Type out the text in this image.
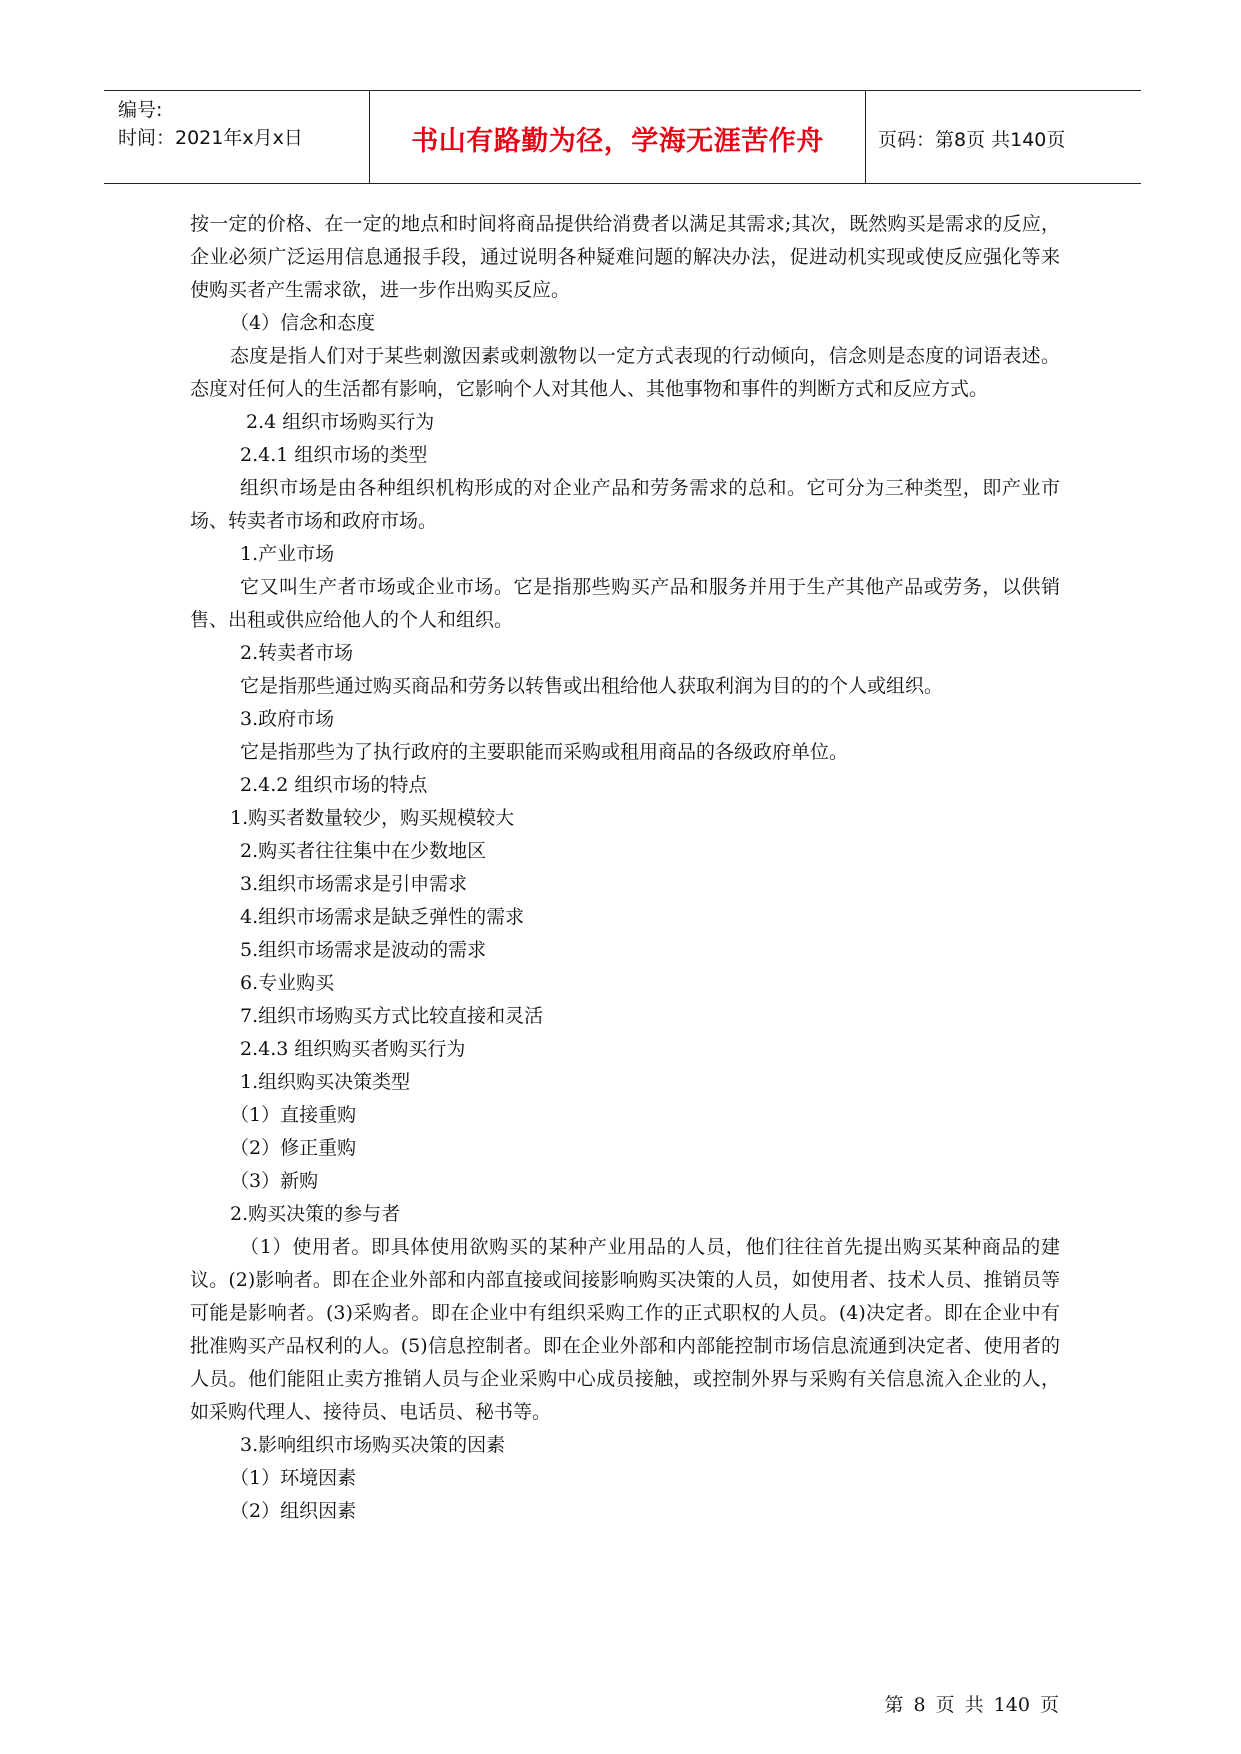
编号:
时间：2021年x月x日	书山有路勤为径，学海无涯苦作舟	页码：第8页 共140页

按一定的价格、在一定的地点和时间将商品提供给消费者以满足其需求;其次，既然购买是需求的反应，企业必须广泛运用信息通报手段，通过说明各种疑难问题的解决办法，促进动机实现或使反应强化等来使购买者产生需求欲，进一步作出购买反应。

（4）信念和态度

态度是指人们对于某些刺激因素或刺激物以一定方式表现的行动倾向，信念则是态度的词语表述。态度对任何人的生活都有影响，它影响个人对其他人、其他事物和事件的判断方式和反应方式。

2.4 组织市场购买行为

2.4.1 组织市场的类型

组织市场是由各种组织机构形成的对企业产品和劳务需求的总和。它可分为三种类型，即产业市场、转卖者市场和政府市场。

1.产业市场

它又叫生产者市场或企业市场。它是指那些购买产品和服务并用于生产其他产品或劳务，以供销售、出租或供应给他人的个人和组织。

2.转卖者市场

它是指那些通过购买商品和劳务以转售或出租给他人获取利润为目的的个人或组织。

3.政府市场

它是指那些为了执行政府的主要职能而采购或租用商品的各级政府单位。

2.4.2 组织市场的特点

1.购买者数量较少，购买规模较大

2.购买者往往集中在少数地区

3.组织市场需求是引申需求

4.组织市场需求是缺乏弹性的需求

5.组织市场需求是波动的需求

6.专业购买

7.组织市场购买方式比较直接和灵活

2.4.3 组织购买者购买行为

1.组织购买决策类型

（1）直接重购

（2）修正重购

（3）新购

2.购买决策的参与者

（1）使用者。即具体使用欲购买的某种产业用品的人员，他们往往首先提出购买某种商品的建议。(2)影响者。即在企业外部和内部直接或间接影响购买决策的人员，如使用者、技术人员、推销员等可能是影响者。(3)采购者。即在企业中有组织采购工作的正式职权的人员。(4)决定者。即在企业中有批准购买产品权利的人。(5)信息控制者。即在企业外部和内部能控制市场信息流通到决定者、使用者的人员。他们能阻止卖方推销人员与企业采购中心成员接触，或控制外界与采购有关信息流入企业的人，如采购代理人、接待员、电话员、秘书等。

3.影响组织市场购买决策的因素

（1）环境因素

（2）组织因素

第 8 页 共 140 页
